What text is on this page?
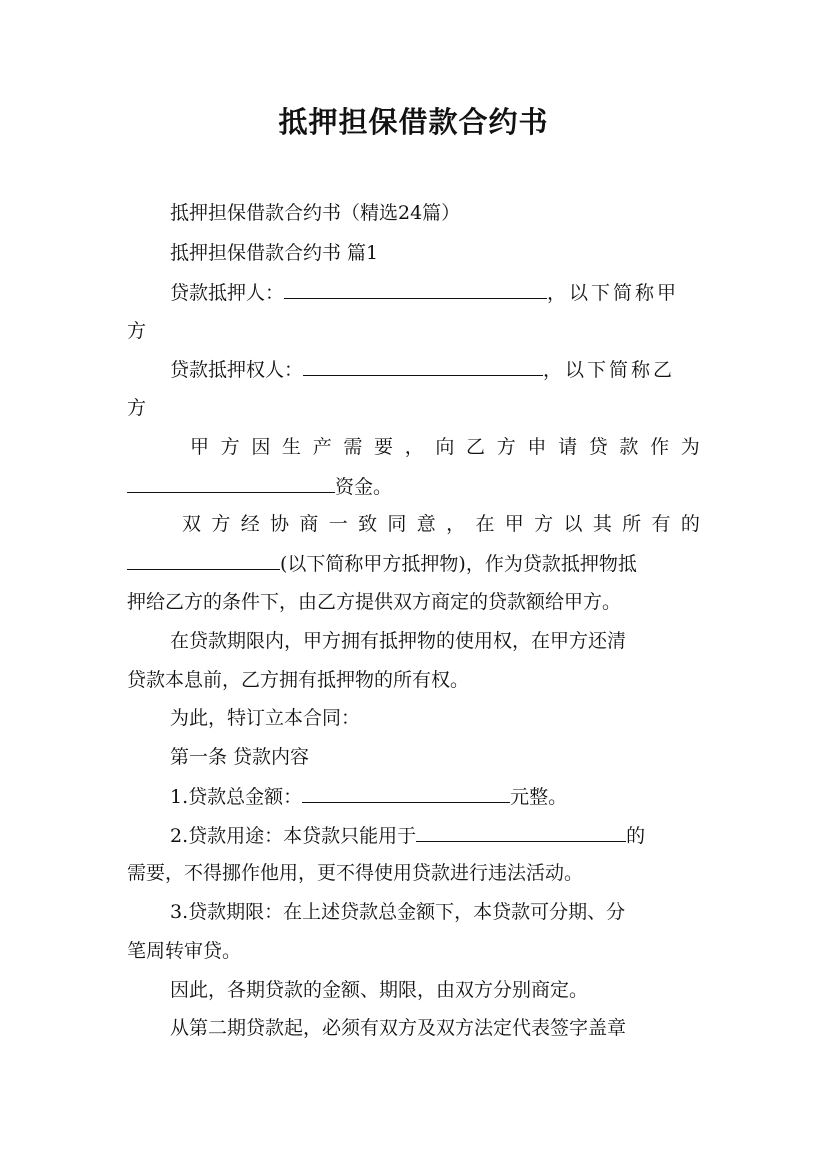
抵押担保借款合约书
抵押担保借款合约书（精选24篇）
抵押担保借款合约书 篇1
贷款抵押人：	，以下简称甲
方
贷款抵押权人：	，以下简称乙
方
甲 方 因 生 产 需 要 ， 向 乙 方 申 请 贷 款 作 为
资金。
双 方 经 协 商 一 致 同 意 ， 在 甲 方 以 其 所 有 的
(以下简称甲方抵押物)，作为贷款抵押物抵
押给乙方的条件下，由乙方提供双方商定的贷款额给甲方。
在贷款期限内，甲方拥有抵押物的使用权，在甲方还清
贷款本息前，乙方拥有抵押物的所有权。
为此，特订立本合同：
第一条 贷款内容
1.贷款总金额：	元整。
2.贷款用途：本贷款只能用于	的
需要，不得挪作他用，更不得使用贷款进行违法活动。
3.贷款期限：在上述贷款总金额下，本贷款可分期、分
笔周转审贷。
因此，各期贷款的金额、期限，由双方分别商定。
从第二期贷款起，必须有双方及双方法定代表签字盖章
